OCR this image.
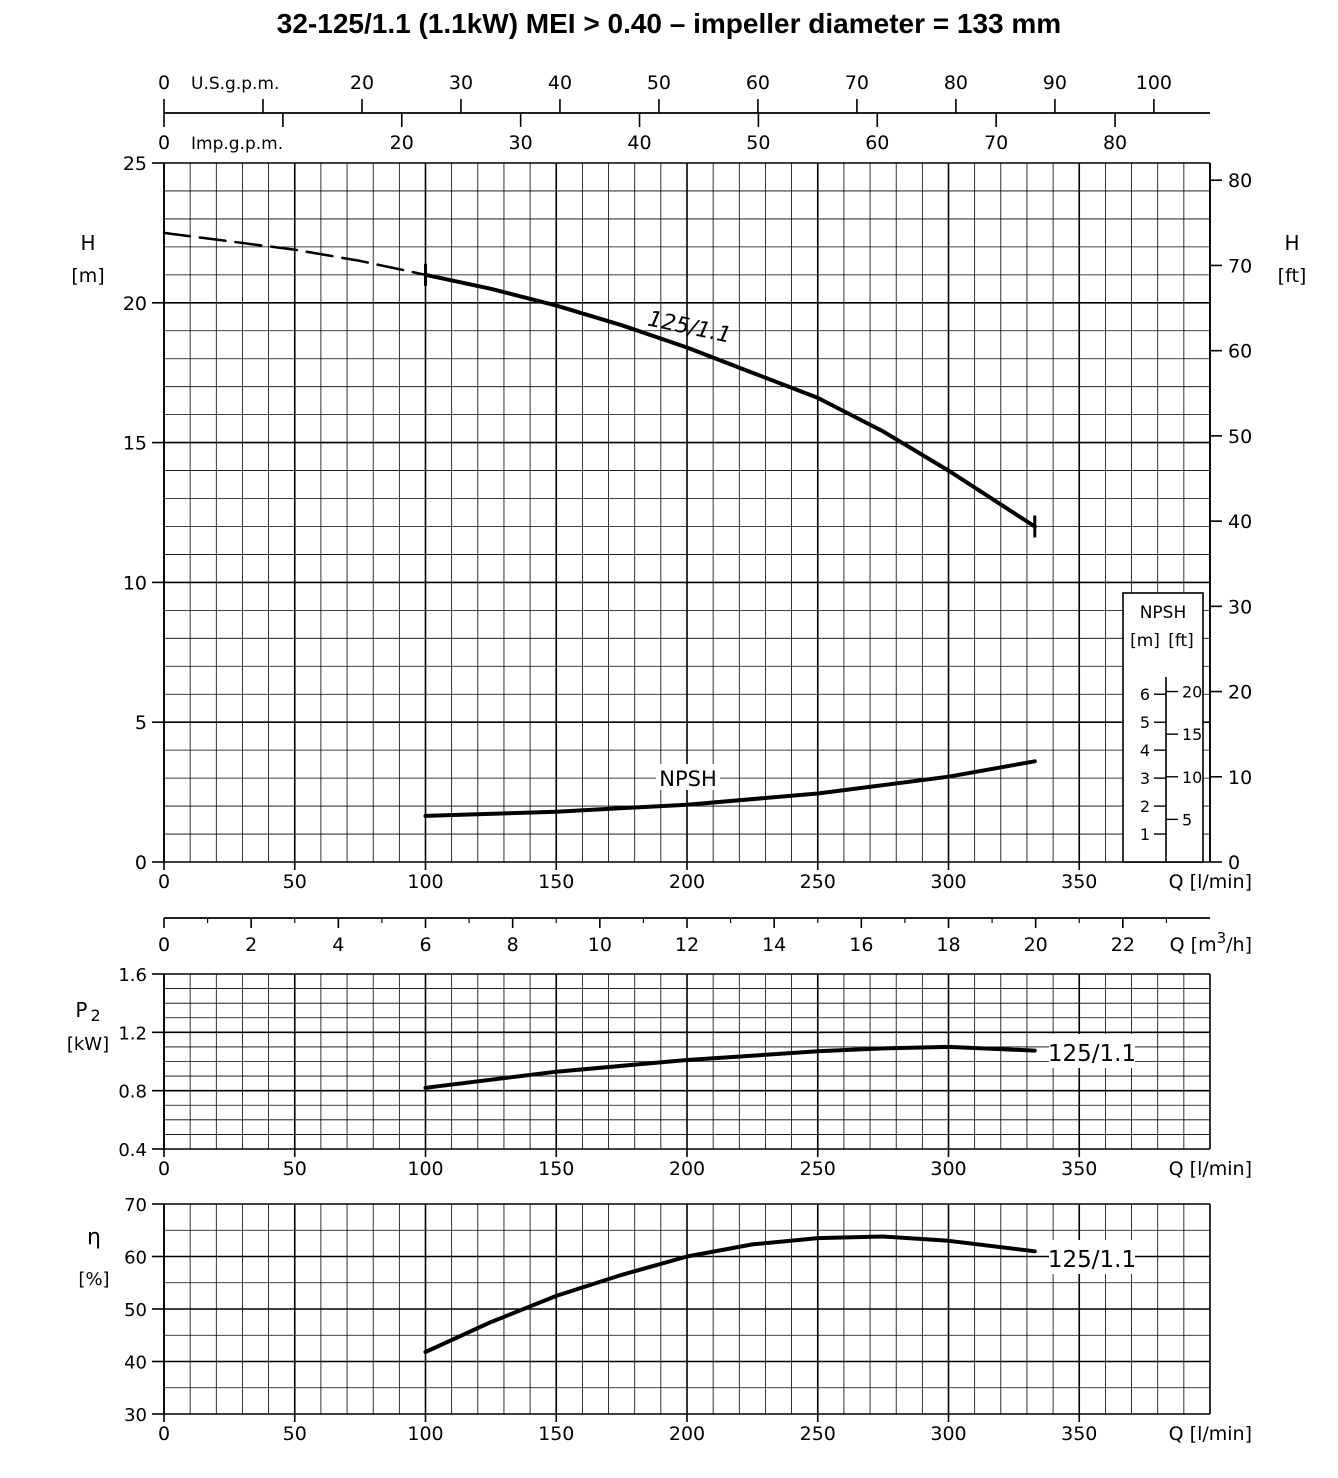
32-125/1.1 (1.1kW) MEI > 0.40 – impeller diameter = 133 mm
0
5
10
15
20
25
0
10
20
30
40
50
60
70
80
H
[m]
H
[ft]
0	50	100	150	200	250	300	350	Q [l/min]
0	20	30	40	50	60	70	80	90	100
U.S.g.p.m.
0	20	30	40	50	60	70	80
Imp.g.p.m.
0	2	4	6	8	10	12	14	16	18	20	22 Q $[m^3/h]$
0.4
0.8
1.2
1.6
P $_2$
[kW]
0	50	100	150	200	250	300	350	Q [l/min]
30
40
50
60
70
η
[%]
0	50	100	150	200	250	300	350	Q [l/min]
125/1.1
NPSH
NPSH
[m] [ft]
1
2
3
4
5
6
5
10
15
20
125/1.1
125/1.1
